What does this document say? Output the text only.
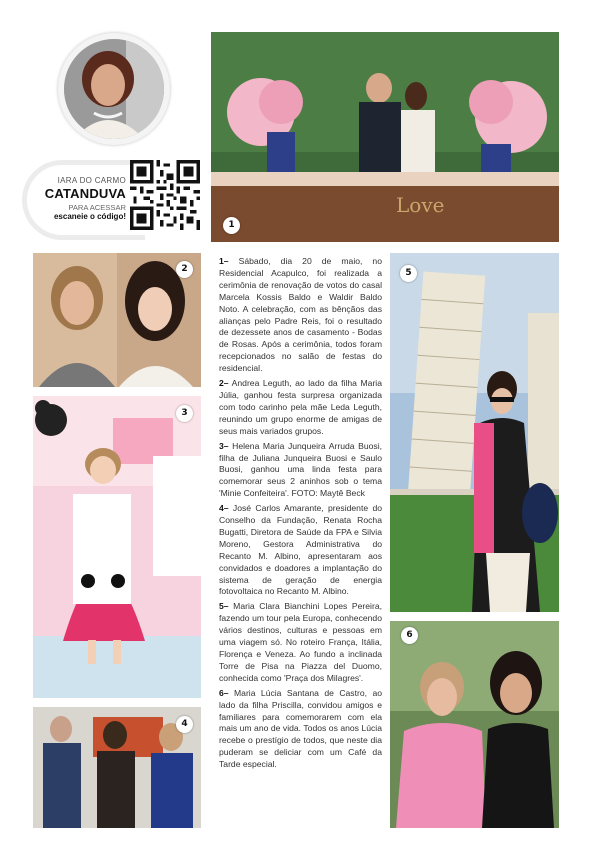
IARA DO CARMO
CATANDUVA
PARA ACESSAR
escaneie o código!	Love
1
2
3
4
5
6

1– Sábado, dia 20 de maio, no Residencial Acapulco, foi realizada a cerimônia de renovação de votos do casal Marcela Kossis Baldo e Waldir Baldo Noto. A celebração, com as bênçãos das alianças pelo Padre Reis, foi o resultado de dezessete anos de casamento - Bodas de Rosas. Após a cerimônia, todos foram recepcionados no salão de festas do residencial.

2– Andrea Leguth, ao lado da filha Maria Júlia, ganhou festa surpresa organizada com todo carinho pela mãe Leda Leguth, reunindo um grupo enorme de amigas de seus mais variados grupos.

3– Helena Maria Junqueira Arruda Buosi, filha de Juliana Junqueira Buosi e Saulo Buosi, ganhou uma linda festa para comemorar seus 2 aninhos sob o tema 'Minie Confeiteira'. FOTO: Maytê Beck

4– José Carlos Amarante, presidente do Conselho da Fundação, Renata Rocha Bugatti, Diretora de Saúde da FPA e Silvia Moreno, Gestora Administrativa do Recanto M. Albino, apresentaram aos convidados e doadores a implantação do sistema de geração de energia fotovoltaica no Recanto M. Albino.

5– Maria Clara Bianchini Lopes Pereira, fazendo um tour pela Europa, conhecendo vários destinos, culturas e pessoas em uma viagem só. No roteiro França, Itália, Florença e Veneza. Ao fundo a inclinada Torre de Pisa na Piazza del Duomo, conhecida como 'Praça dos Milagres'.

6– Maria Lúcia Santana de Castro, ao lado da filha Priscilla, convidou amigos e familiares para comemorarem com ela mais um ano de vida. Todos os anos Lúcia recebe o prestígio de todos, que neste dia puderam se deliciar com um Café da Tarde especial.
